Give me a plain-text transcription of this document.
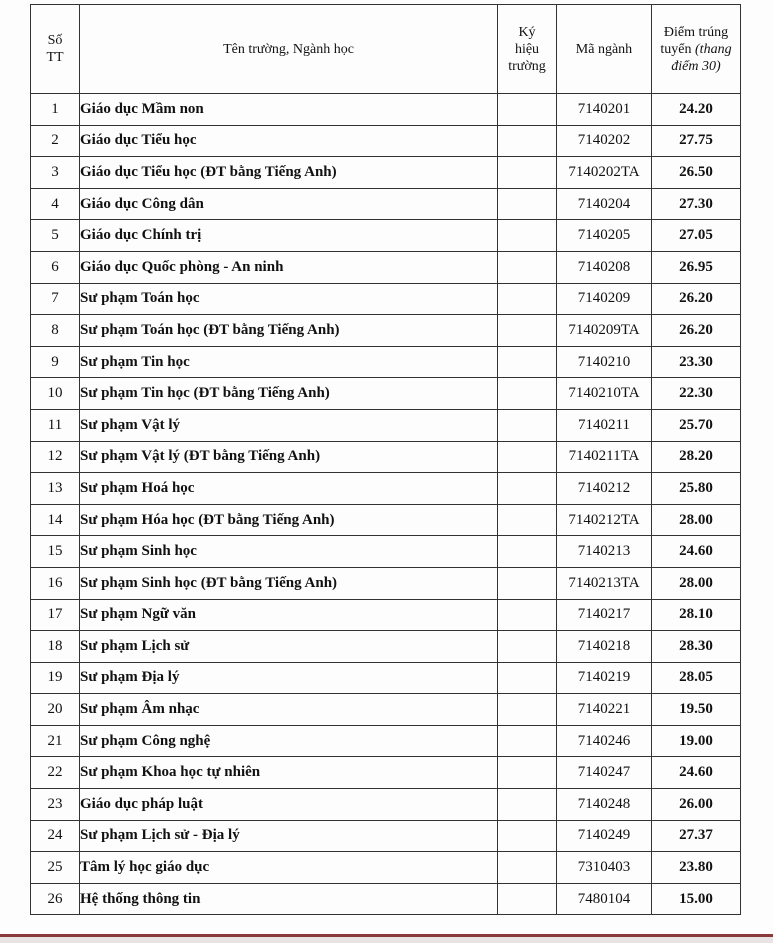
Số TT	Tên trường, Ngành học	Ký hiệu trường	Mã ngành	Điểm trúng tuyển (thang điểm 30)

1	Giáo dục Mầm non		7140201	24.20
2	Giáo dục Tiểu học		7140202	27.75
3	Giáo dục Tiểu học (ĐT bằng Tiếng Anh)		7140202TA	26.50
4	Giáo dục Công dân		7140204	27.30
5	Giáo dục Chính trị		7140205	27.05
6	Giáo dục Quốc phòng - An ninh		7140208	26.95
7	Sư phạm Toán học		7140209	26.20
8	Sư phạm Toán học (ĐT bằng Tiếng Anh)		7140209TA	26.20
9	Sư phạm Tin học		7140210	23.30
10	Sư phạm Tin học (ĐT bằng Tiếng Anh)		7140210TA	22.30
11	Sư phạm Vật lý		7140211	25.70
12	Sư phạm Vật lý (ĐT bằng Tiếng Anh)		7140211TA	28.20
13	Sư phạm Hoá học		7140212	25.80
14	Sư phạm Hóa học (ĐT bằng Tiếng Anh)		7140212TA	28.00
15	Sư phạm Sinh học		7140213	24.60
16	Sư phạm Sinh học (ĐT bằng Tiếng Anh)		7140213TA	28.00
17	Sư phạm Ngữ văn		7140217	28.10
18	Sư phạm Lịch sử		7140218	28.30
19	Sư phạm Địa lý		7140219	28.05
20	Sư phạm Âm nhạc		7140221	19.50
21	Sư phạm Công nghệ		7140246	19.00
22	Sư phạm Khoa học tự nhiên		7140247	24.60
23	Giáo dục pháp luật		7140248	26.00
24	Sư phạm Lịch sử - Địa lý		7140249	27.37
25	Tâm lý học giáo dục		7310403	23.80
26	Hệ thống thông tin		7480104	15.00
